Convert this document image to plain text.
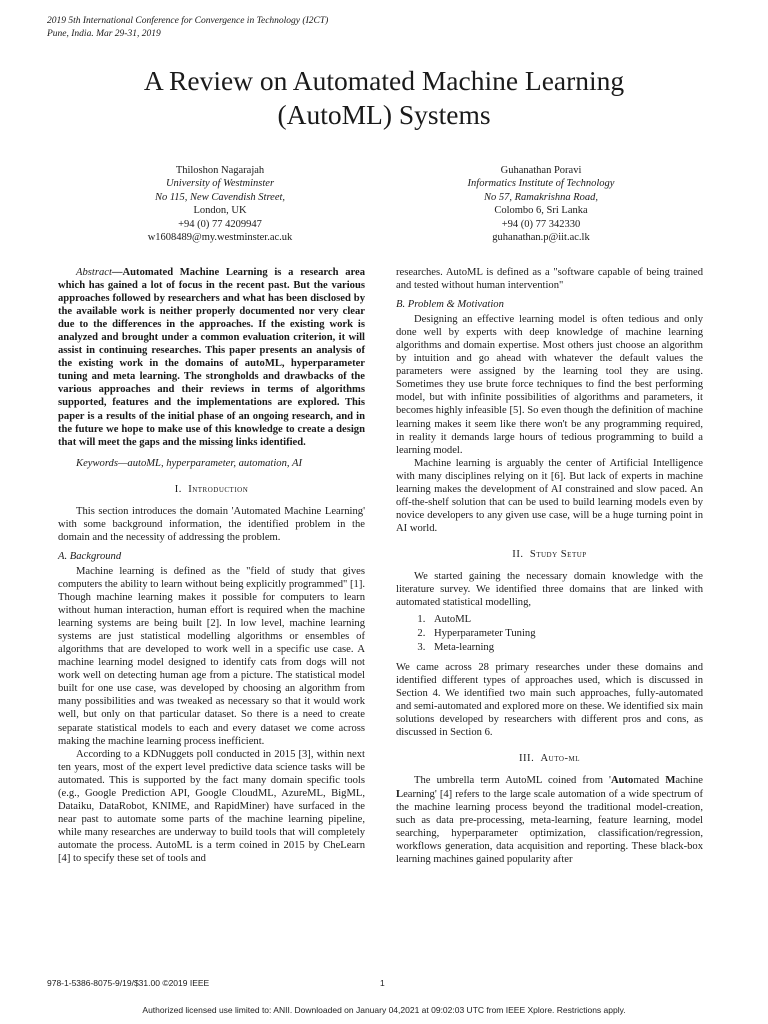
2019 5th International Conference for Convergence in Technology (I2CT)
Pune, India. Mar 29-31, 2019
A Review on Automated Machine Learning
(AutoML) Systems
Thiloshon Nagarajah
University of Westminster
No 115, New Cavendish Street,
London, UK
+94 (0) 77 4209947
w1608489@my.westminster.ac.uk
Guhanathan Poravi
Informatics Institute of Technology
No 57, Ramakrishna Road,
Colombo 6, Sri Lanka
+94 (0) 77 342330
guhanathan.p@iit.ac.lk

Abstract—Automated Machine Learning is a research area which has gained a lot of focus in the recent past. But the various approaches followed by researchers and what has been disclosed by the available work is neither properly documented nor very clear due to the differences in the approaches. If the existing work is analyzed and brought under a common evaluation criterion, it will assist in continuing researches. This paper presents an analysis of the existing work in the domains of autoML, hyperparameter tuning and meta learning. The strongholds and drawbacks of the various approaches and their reviews in terms of algorithms supported, features and the implementations are explored. This paper is a results of the initial phase of an ongoing research, and in the future we hope to make use of this knowledge to create a design that will meet the gaps and the missing links identified.

Keywords—autoML, hyperparameter, automation, AI

I. Introduction

This section introduces the domain 'Automated Machine Learning' with some background information, the identified problem in the domain and the necessity of addressing the problem.

A. Background

Machine learning is defined as the "field of study that gives computers the ability to learn without being explicitly programmed" [1]. Though machine learning makes it possible for computers to learn without human interaction, human effort is required when the machine learning systems are being built [2]. In low level, machine learning systems are just statistical modelling algorithms or ensembles of algorithms that are developed to work well in a specific use case. A machine learning model designed to identify cats from dogs will not work well on detecting human age from a picture. The statistical model built for one use case, was developed by choosing an algorithm from many possibilities and was tweaked as necessary so that it would work well, but only on that particular dataset. So there is a need to create separate statistical models to each and every dataset we come across making the machine learning process inefficient.

According to a KDNuggets poll conducted in 2015 [3], within next ten years, most of the expert level predictive data science tasks will be automated. This is supported by the fact many domain specific tools (e.g., Google Prediction API, Google CloudML, AzureML, BigML, Dataiku, DataRobot, KNIME, and RapidMiner) have surfaced in the near past to automate some parts of the machine learning pipeline, while many researches are underway to build tools that will completely automate the process. AutoML is a term coined in 2015 by CheLearn [4] to specify these set of tools and

researches. AutoML is defined as a "software capable of being trained and tested without human intervention"

B. Problem & Motivation

Designing an effective learning model is often tedious and only done well by experts with deep knowledge of machine learning algorithms and domain expertise. Most others just choose an algorithm by intuition and go ahead with whatever the default values the parameters were assigned by the learning tool they are using. Sometimes they use brute force techniques to find the best performing model, but with infinite possibilities of algorithms and parameters, it becomes highly infeasible [5]. So even though the definition of machine learning makes it seem like there won't be any programming required, in reality it demands large hours of tedious programming to build a learning model.

Machine learning is arguably the center of Artificial Intelligence with many disciplines relying on it [6]. But lack of experts in machine learning makes the development of AI constrained and slow paced. An off-the-shelf solution that can be used to build learning models even by novice developers to any given use case, will be a huge turning point in AI world.

II. Study Setup

We started gaining the necessary domain knowledge with the literature survey. We identified three domains that are linked with automated statistical modelling,

1. AutoML
2. Hyperparameter Tuning
3. Meta-learning

We came across 28 primary researches under these domains and identified different types of approaches used, which is discussed in Section 4. We identified two main such approaches, fully-automated and semi-automated and explored more on these. We identified six main solutions developed by researchers with different pros and cons, as discussed in Section 6.

III. Auto-ml

The umbrella term AutoML coined from 'Automated Machine Learning' [4] refers to the large scale automation of a wide spectrum of the machine learning process beyond the traditional model-creation, such as data pre-processing, meta-learning, feature learning, model searching, hyperparameter optimization, classification/regression, workflows generation, data acquisition and reporting. These black-box learning machines gained popularity after

978-1-5386-8075-9/19/$31.00 ©2019 IEEE	1
Authorized licensed use limited to: ANII. Downloaded on January 04,2021 at 09:02:03 UTC from IEEE Xplore. Restrictions apply.
